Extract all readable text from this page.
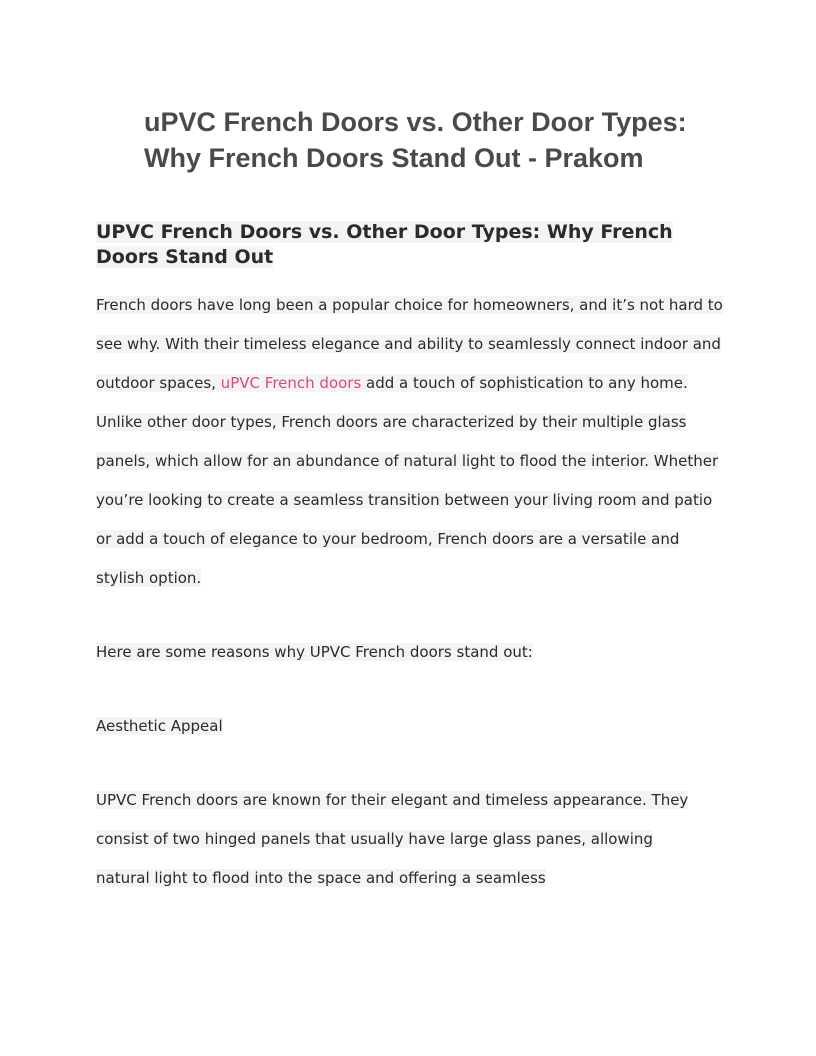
uPVC French Doors vs. Other Door Types: Why French Doors Stand Out - Prakom
UPVC French Doors vs. Other Door Types: Why French Doors Stand Out

French doors have long been a popular choice for homeowners, and it’s not hard to see why. With their timeless elegance and ability to seamlessly connect indoor and outdoor spaces, uPVC French doors add a touch of sophistication to any home. Unlike other door types, French doors are characterized by their multiple glass panels, which allow for an abundance of natural light to flood the interior. Whether you’re looking to create a seamless transition between your living room and patio or add a touch of elegance to your bedroom, French doors are a versatile and stylish option.

Here are some reasons why UPVC French doors stand out:

Aesthetic Appeal

UPVC French doors are known for their elegant and timeless appearance. They consist of two hinged panels that usually have large glass panes, allowing natural light to flood into the space and offering a seamless
